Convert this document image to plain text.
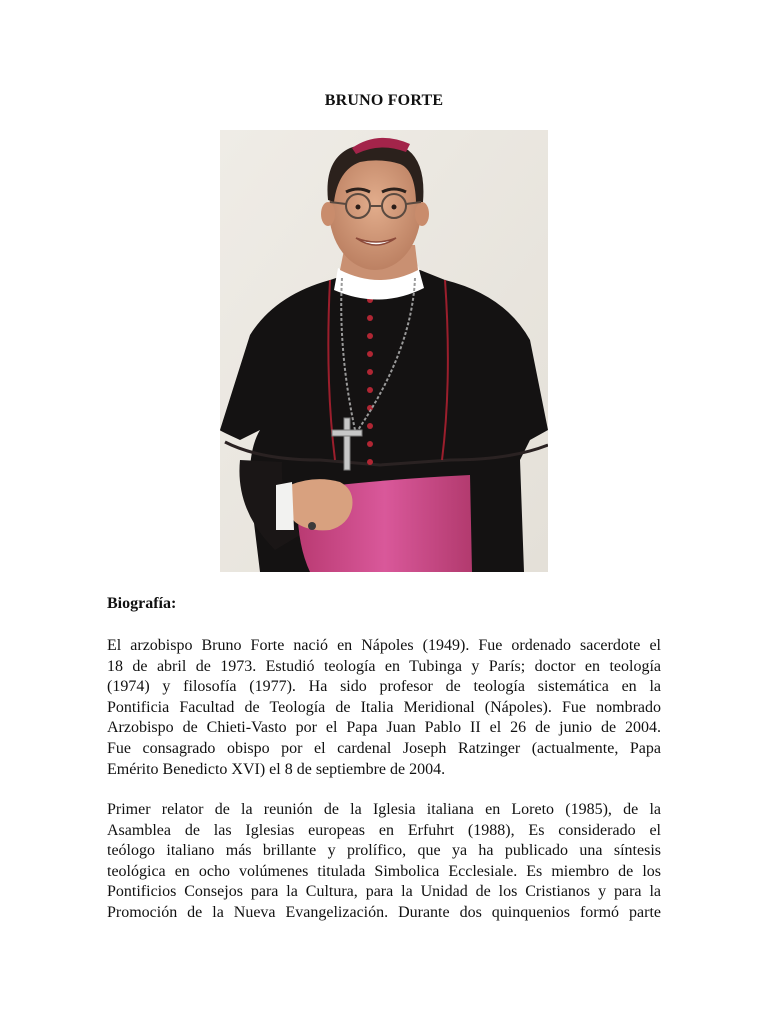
BRUNO FORTE
Biografía:

El arzobispo Bruno Forte nació en Nápoles (1949). Fue ordenado sacerdote el
18 de abril de 1973. Estudió teología en Tubinga y París; doctor en teología
(1974) y filosofía (1977). Ha sido profesor de teología sistemática en la
Pontificia Facultad de Teología de Italia Meridional (Nápoles). Fue nombrado
Arzobispo de Chieti-Vasto por el Papa Juan Pablo II el 26 de junio de 2004.
Fue consagrado obispo por el cardenal Joseph Ratzinger (actualmente, Papa
Emérito Benedicto XVI) el 8 de septiembre de 2004.

Primer relator de la reunión de la Iglesia italiana en Loreto (1985), de la
Asamblea de las Iglesias europeas en Erfuhrt (1988), Es considerado el
teólogo italiano más brillante y prolífico, que ya ha publicado una síntesis
teológica en ocho volúmenes titulada Simbolica Ecclesiale. Es miembro de los
Pontificios Consejos para la Cultura, para la Unidad de los Cristianos y para la
Promoción de la Nueva Evangelización. Durante dos quinquenios formó parte
